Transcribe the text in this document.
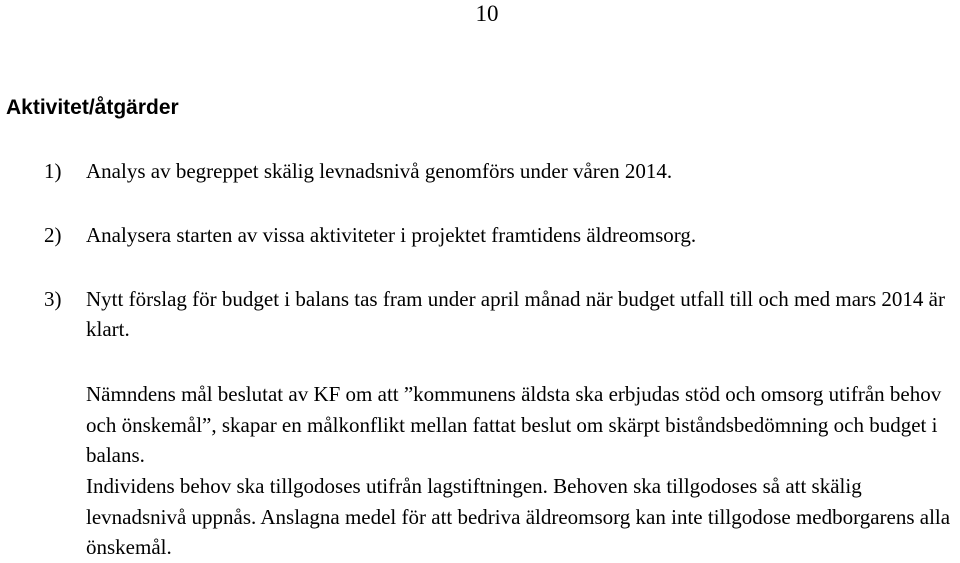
10
Aktivitet/åtgärder
1) Analys av begreppet skälig levnadsnivå genomförs under våren 2014.
2) Analysera starten av vissa aktiviteter i projektet framtidens äldreomsorg.
3) Nytt förslag för budget i balans tas fram under april månad när budget utfall till och med mars 2014 är klart.
Nämndens mål beslutat av KF om att ”kommunens äldsta ska erbjudas stöd och omsorg utifrån behov och önskemål”, skapar en målkonflikt mellan fattat beslut om skärpt biståndsbedömning och budget i balans.
Individens behov ska tillgodoses utifrån lagstiftningen. Behoven ska tillgodoses så att skälig levnadsnivå uppnås. Anslagna medel för att bedriva äldreomsorg kan inte tillgodose medborgarens alla önskemål.
